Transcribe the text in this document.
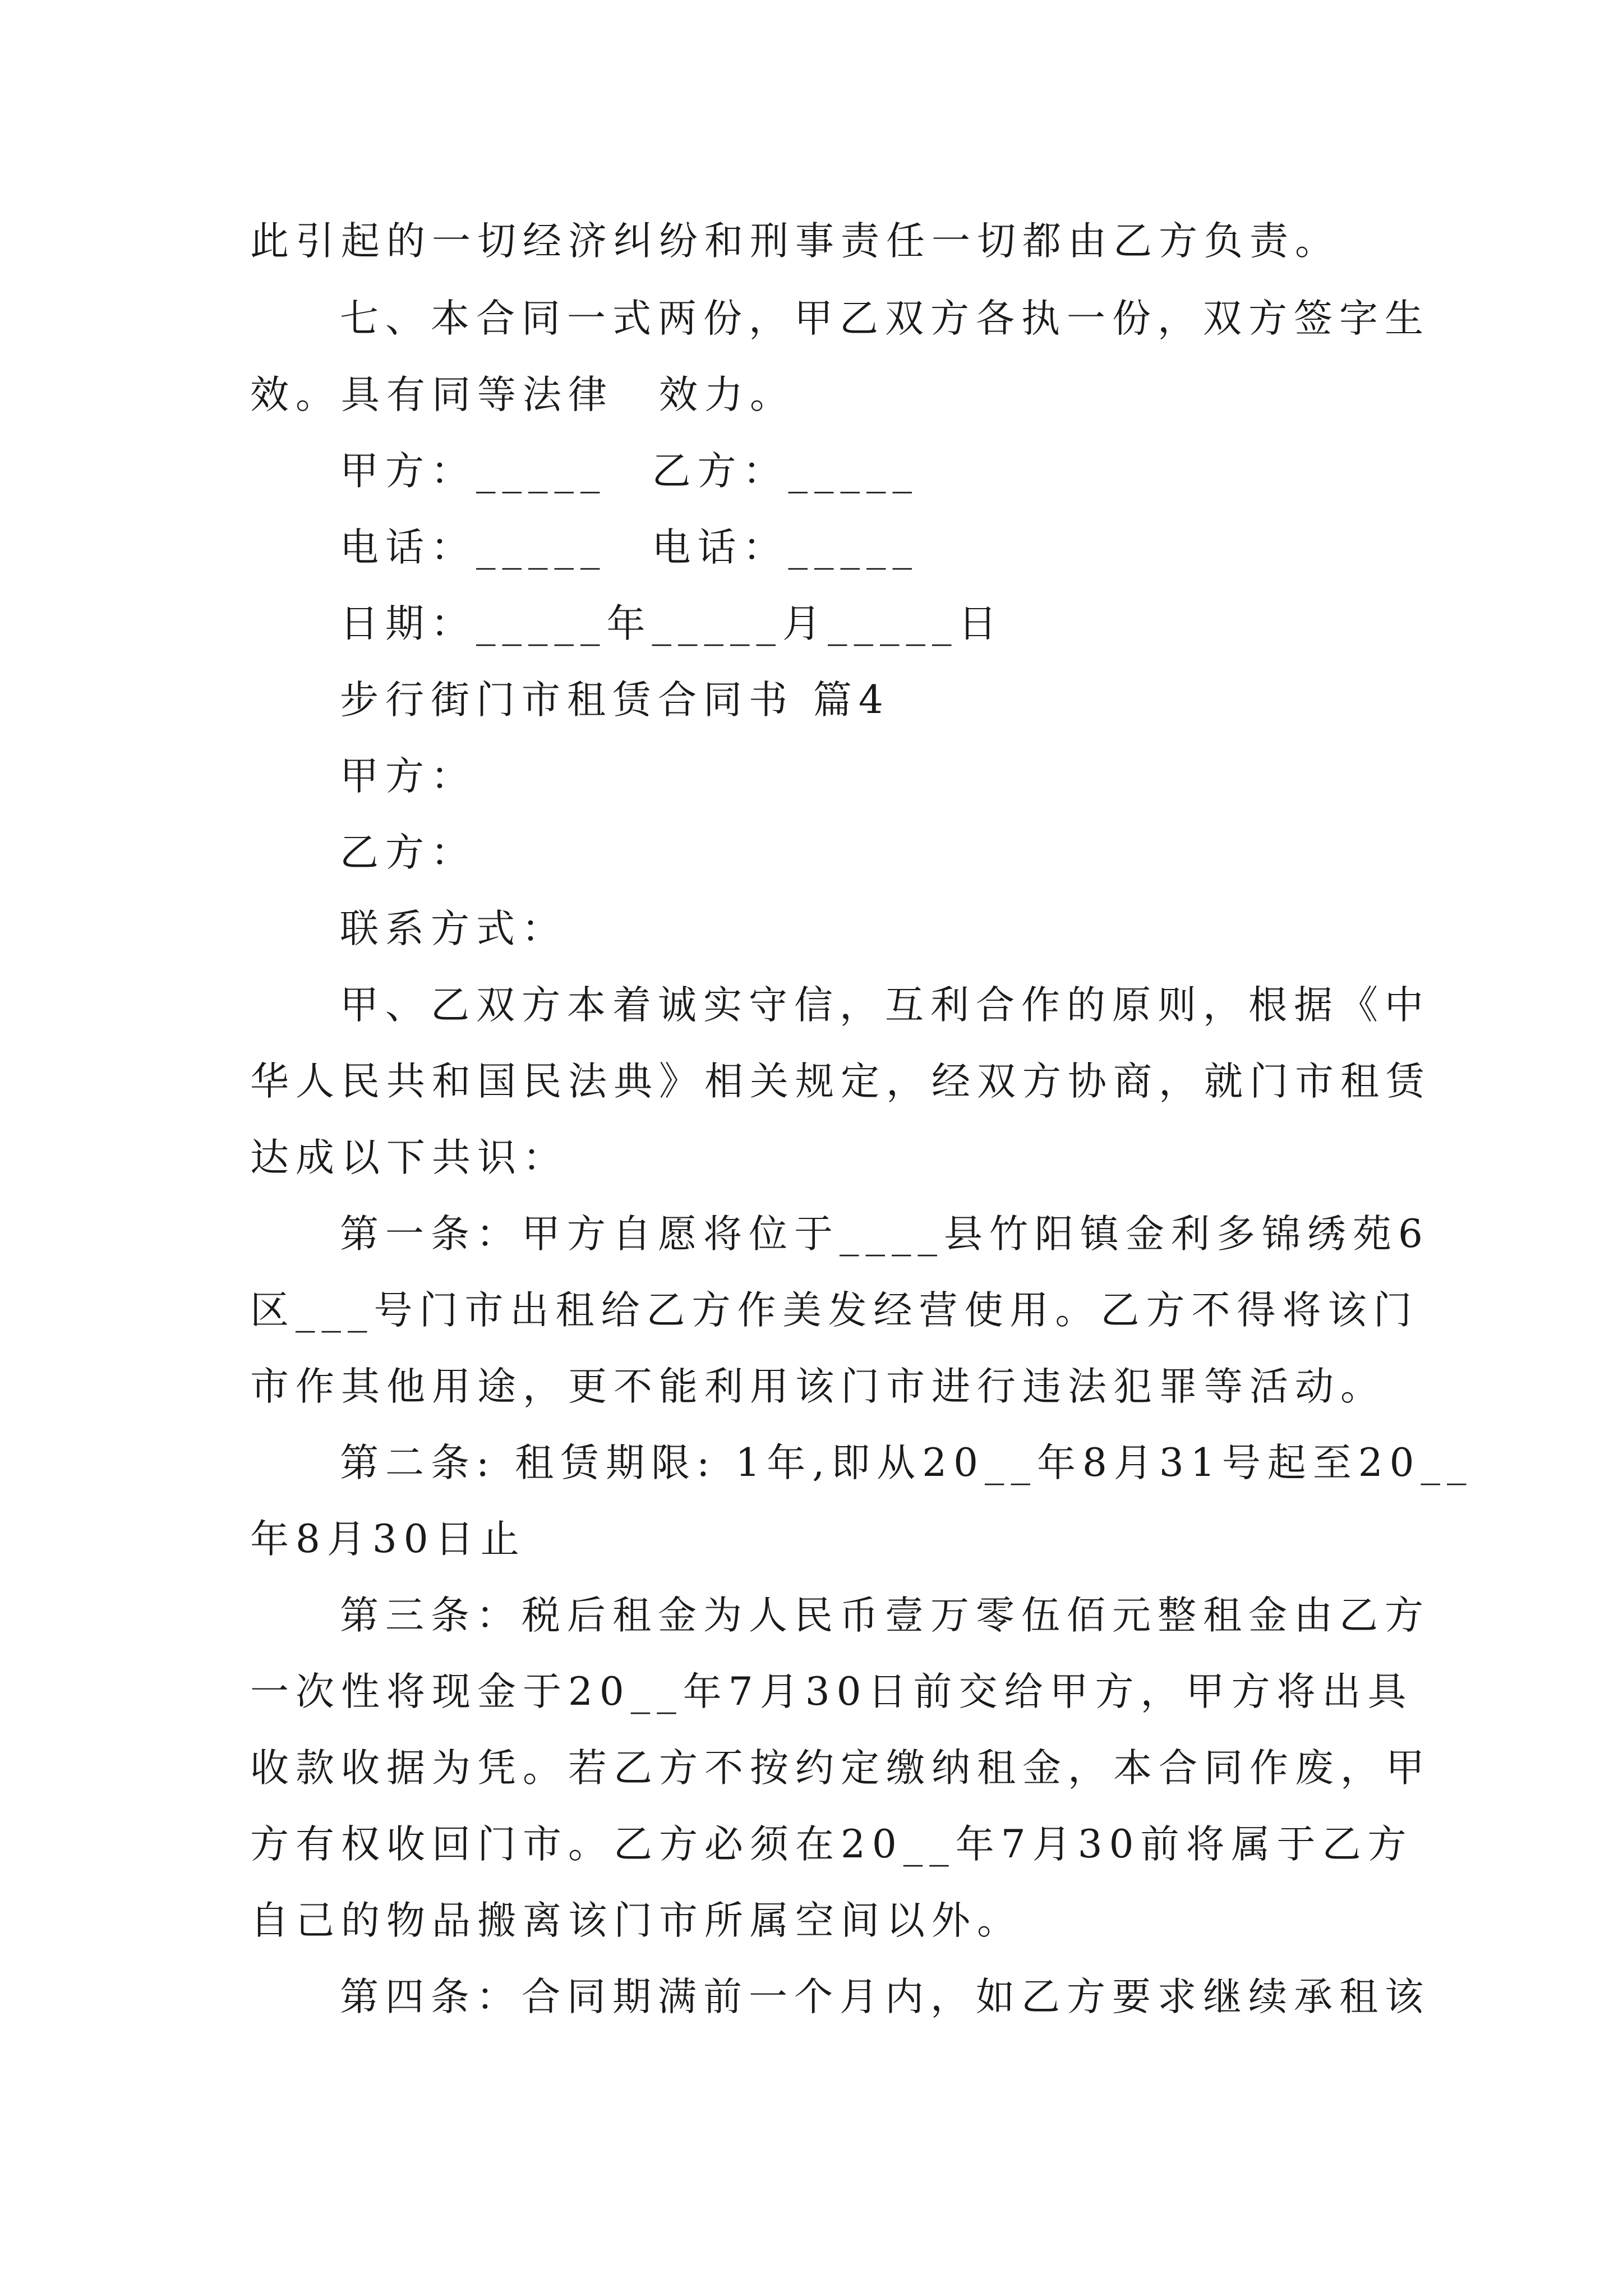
此引起的一切经济纠纷和刑事责任一切都由乙方负责。
七、本合同一式两份，甲乙双方各执一份，双方签字生
效。具有同等法律　效力。
甲方：_____　乙方：_____
电话：_____　电话：_____
日期：_____年_____月_____日
步行街门市租赁合同书 篇4
甲方：
乙方：
联系方式：
甲、乙双方本着诚实守信，互利合作的原则，根据《中
华人民共和国民法典》相关规定，经双方协商，就门市租赁
达成以下共识：
第一条：甲方自愿将位于____县竹阳镇金利多锦绣苑6
区___号门市出租给乙方作美发经营使用。乙方不得将该门
市作其他用途，更不能利用该门市进行违法犯罪等活动。
第二条: 租赁期限: 1年,即从20__年8月31号起至20__
年8月30日止
第三条：税后租金为人民币壹万零伍佰元整租金由乙方
一次性将现金于20__年7月30日前交给甲方，甲方将出具
收款收据为凭。若乙方不按约定缴纳租金，本合同作废，甲
方有权收回门市。乙方必须在20__年7月30前将属于乙方
自己的物品搬离该门市所属空间以外。
第四条：合同期满前一个月内，如乙方要求继续承租该
